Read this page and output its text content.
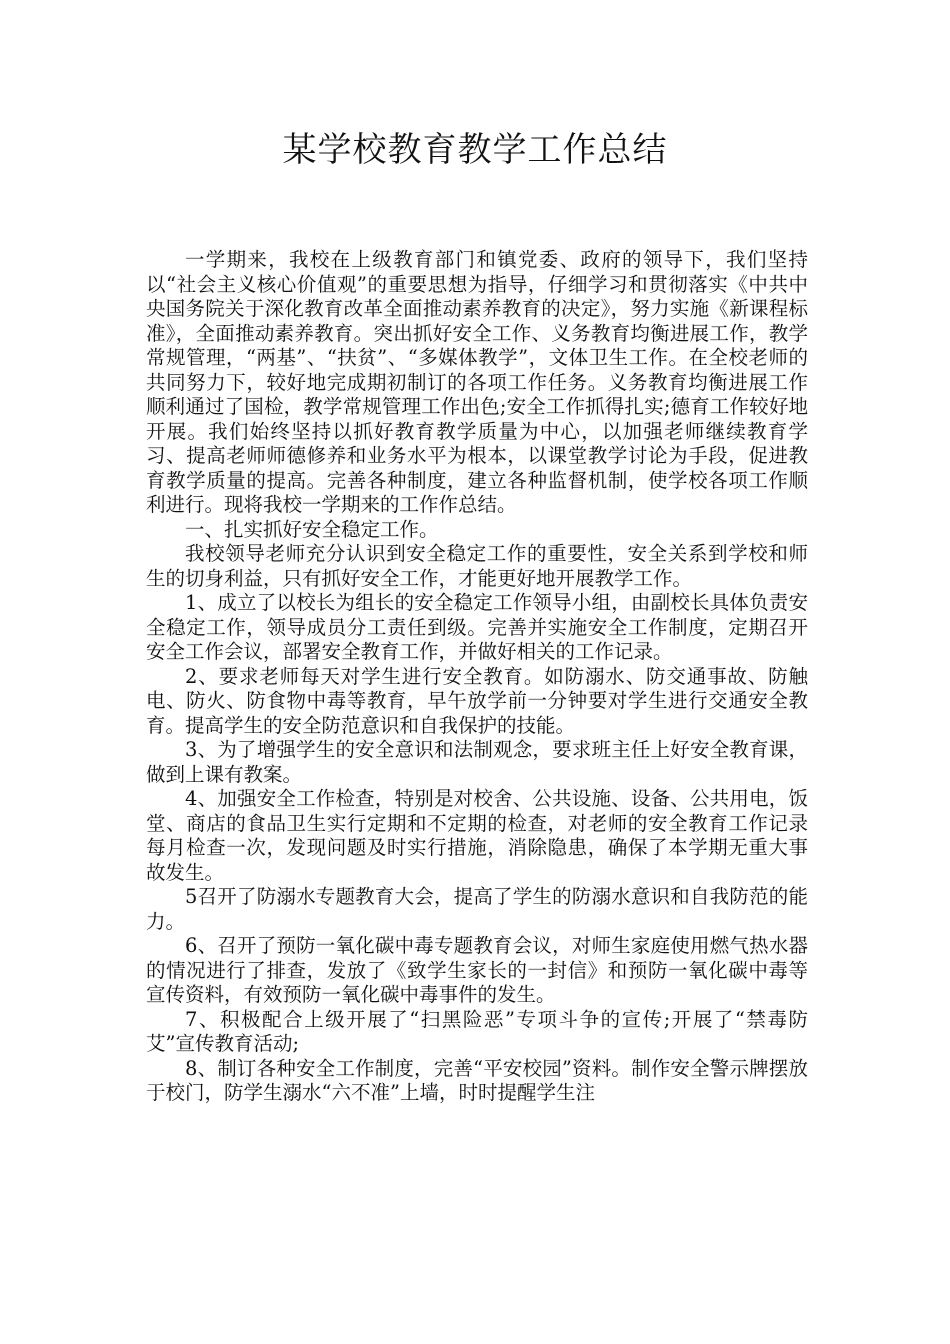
某学校教育教学工作总结

一学期来，我校在上级教育部门和镇党委、政府的领导下，我们坚持以“社会主义核心价值观”的重要思想为指导，仔细学习和贯彻落实《中共中央国务院关于深化教育改革全面推动素养教育的决定》，努力实施《新课程标准》，全面推动素养教育。突出抓好安全工作、义务教育均衡进展工作，教学常规管理，“两基”、“扶贫”、“多媒体教学”，文体卫生工作。在全校老师的共同努力下，较好地完成期初制订的各项工作任务。义务教育均衡进展工作顺利通过了国检，教学常规管理工作出色;安全工作抓得扎实;德育工作较好地开展。我们始终坚持以抓好教育教学质量为中心，以加强老师继续教育学习、提高老师师德修养和业务水平为根本，以课堂教学讨论为手段，促进教育教学质量的提高。完善各种制度，建立各种监督机制，使学校各项工作顺利进行。现将我校一学期来的工作作总结。

一、扎实抓好安全稳定工作。

我校领导老师充分认识到安全稳定工作的重要性，安全关系到学校和师生的切身利益，只有抓好安全工作，才能更好地开展教学工作。

1、成立了以校长为组长的安全稳定工作领导小组，由副校长具体负责安全稳定工作，领导成员分工责任到级。完善并实施安全工作制度，定期召开安全工作会议，部署安全教育工作，并做好相关的工作记录。

2、要求老师每天对学生进行安全教育。如防溺水、防交通事故、防触电、防火、防食物中毒等教育，早午放学前一分钟要对学生进行交通安全教育。提高学生的安全防范意识和自我保护的技能。

3、为了增强学生的安全意识和法制观念，要求班主任上好安全教育课，做到上课有教案。

4、加强安全工作检查，特别是对校舍、公共设施、设备、公共用电，饭堂、商店的食品卫生实行定期和不定期的检查，对老师的安全教育工作记录每月检查一次，发现问题及时实行措施，消除隐患，确保了本学期无重大事故发生。

5召开了防溺水专题教育大会，提高了学生的防溺水意识和自我防范的能力。

6、召开了预防一氧化碳中毒专题教育会议，对师生家庭使用燃气热水器的情况进行了排查，发放了《致学生家长的一封信》和预防一氧化碳中毒等宣传资料，有效预防一氧化碳中毒事件的发生。

7、积极配合上级开展了“扫黑险恶”专项斗争的宣传;开展了“禁毒防艾”宣传教育活动;

8、制订各种安全工作制度，完善“平安校园”资料。制作安全警示牌摆放于校门，防学生溺水“六不准”上墙，时时提醒学生注
